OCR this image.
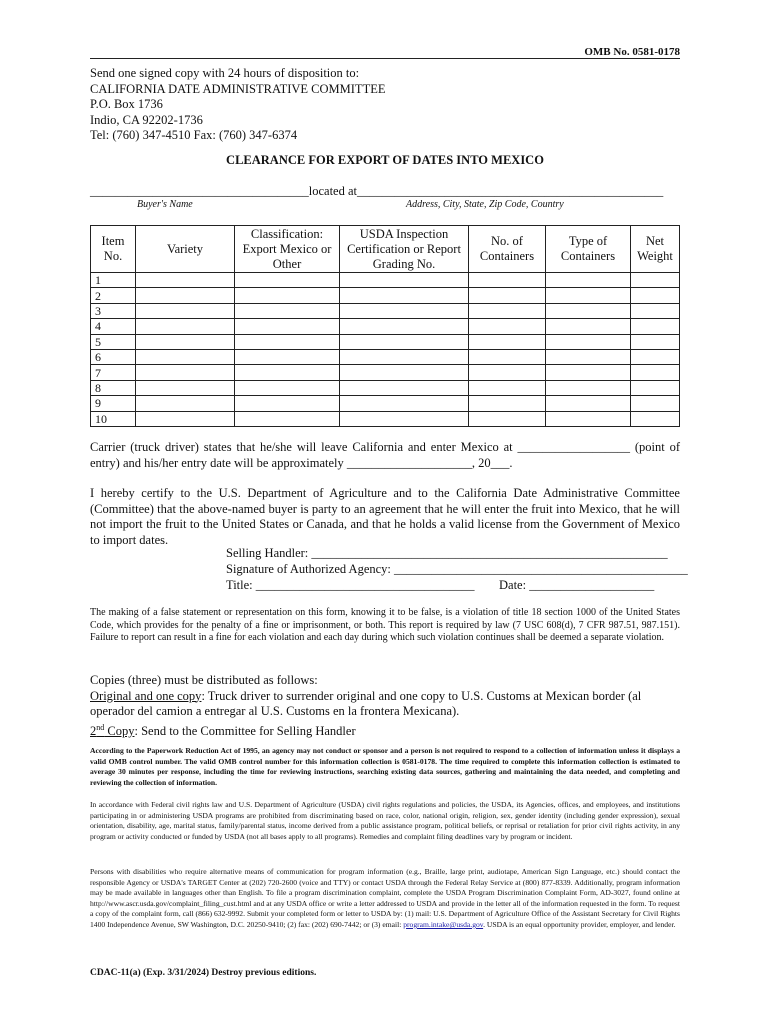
OMB No. 0581-0178
Send one signed copy with 24 hours of disposition to:
CALIFORNIA DATE ADMINISTRATIVE COMMITTEE
P.O. Box 1736
Indio, CA 92202-1736
Tel: (760) 347-4510 Fax: (760) 347-6374
CLEARANCE FOR EXPORT OF DATES INTO MEXICO
___________________________________located at_________________________________________________
Buyer's Name	Address, City, State, Zip Code, Country
Item No.	Variety	Classification: Export Mexico or Other	USDA Inspection Certification or Report Grading No.	No. of Containers	Type of Containers	Net Weight
1						
2						
3						
4						
5						
6						
7						
8						
9						
10						
Carrier (truck driver) states that he/she will leave California and enter Mexico at __________________ (point of entry) and his/her entry date will be approximately ____________________, 20___.
I hereby certify to the U.S. Department of Agriculture and to the California Date Administrative Committee (Committee) that the above-named buyer is party to an agreement that he will enter the fruit into Mexico, that he will not import the fruit to the United States or Canada, and that he holds a valid license from the Government of Mexico to import dates.
Selling Handler: _________________________________________________________
Signature of Authorized Agency: _______________________________________________
Title: ___________________________________ Date: ____________________
The making of a false statement or representation on this form, knowing it to be false, is a violation of title 18 section 1000 of the United States Code, which provides for the penalty of a fine or imprisonment, or both. This report is required by law (7 USC 608(d), 7 CFR 987.51, 987.151). Failure to report can result in a fine for each violation and each day during which such violation continues shall be deemed a separate violation.
Copies (three) must be distributed as follows:
Original and one copy: Truck driver to surrender original and one copy to U.S. Customs at Mexican border (al operador del camion a entregar al U.S. Customs en la frontera Mexicana).
2nd Copy: Send to the Committee for Selling Handler
According to the Paperwork Reduction Act of 1995, an agency may not conduct or sponsor and a person is not required to respond to a collection of information unless it displays a valid OMB control number. The valid OMB control number for this information collection is 0581-0178. The time required to complete this information collection is estimated to average 30 minutes per response, including the time for reviewing instructions, searching existing data sources, gathering and maintaining the data needed, and completing and reviewing the collection of information.
In accordance with Federal civil rights law and U.S. Department of Agriculture (USDA) civil rights regulations and policies, the USDA, its Agencies, offices, and employees, and institutions participating in or administering USDA programs are prohibited from discriminating based on race, color, national origin, religion, sex, gender identity (including gender expression), sexual orientation, disability, age, marital status, family/parental status, income derived from a public assistance program, political beliefs, or reprisal or retaliation for prior civil rights activity, in any program or activity conducted or funded by USDA (not all bases apply to all programs). Remedies and complaint filing deadlines vary by program or incident.
Persons with disabilities who require alternative means of communication for program information (e.g., Braille, large print, audiotape, American Sign Language, etc.) should contact the responsible Agency or USDA's TARGET Center at (202) 720-2600 (voice and TTY) or contact USDA through the Federal Relay Service at (800) 877-8339. Additionally, program information may be made available in languages other than English. To file a program discrimination complaint, complete the USDA Program Discrimination Complaint Form, AD-3027, found online at http://www.ascr.usda.gov/complaint_filing_cust.html and at any USDA office or write a letter addressed to USDA and provide in the letter all of the information requested in the form. To request a copy of the complaint form, call (866) 632-9992. Submit your completed form or letter to USDA by: (1) mail: U.S. Department of Agriculture Office of the Assistant Secretary for Civil Rights 1400 Independence Avenue, SW Washington, D.C. 20250-9410; (2) fax: (202) 690-7442; or (3) email: program.intake@usda.gov. USDA is an equal opportunity provider, employer, and lender.
CDAC-11(a) (Exp. 3/31/2024) Destroy previous editions.
